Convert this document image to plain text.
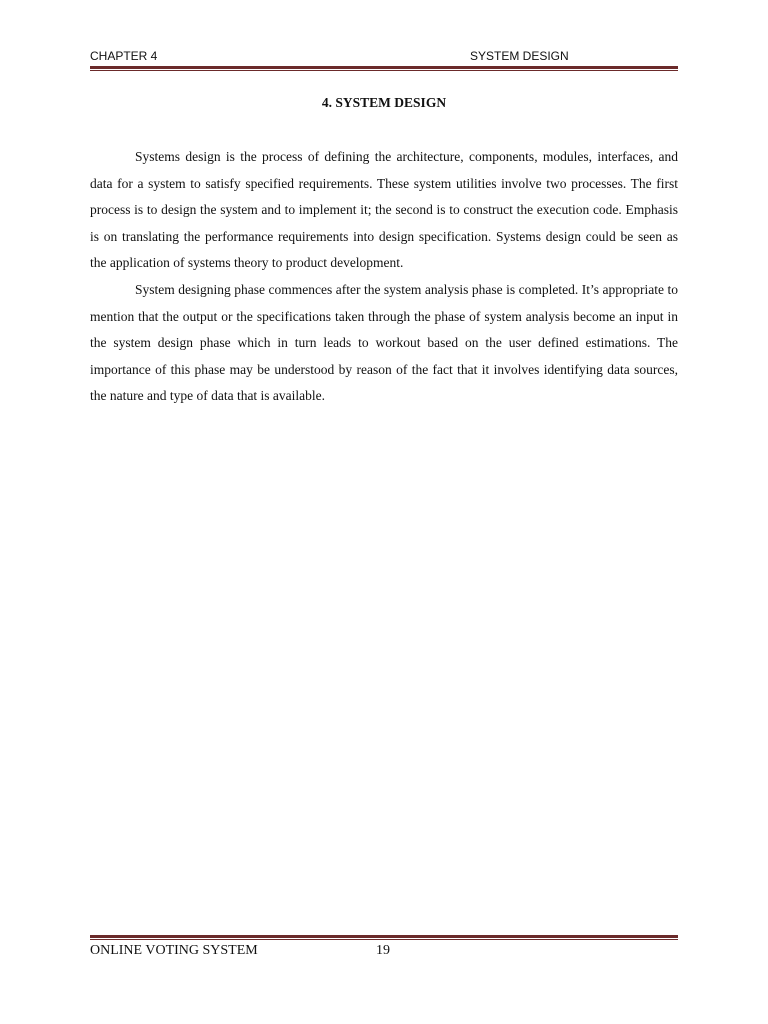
CHAPTER 4	SYSTEM DESIGN
4. SYSTEM DESIGN

Systems design is the process of defining the architecture, components, modules, interfaces, and data for a system to satisfy specified requirements. These system utilities involve two processes. The first process is to design the system and to implement it; the second is to construct the execution code. Emphasis is on translating the performance requirements into design specification. Systems design could be seen as the application of systems theory to product development.

System designing phase commences after the system analysis phase is completed. It’s appropriate to mention that the output or the specifications taken through the phase of system analysis become an input in the system design phase which in turn leads to workout based on the user defined estimations. The importance of this phase may be understood by reason of the fact that it involves identifying data sources, the nature and type of data that is available.

ONLINE VOTING SYSTEM	19
